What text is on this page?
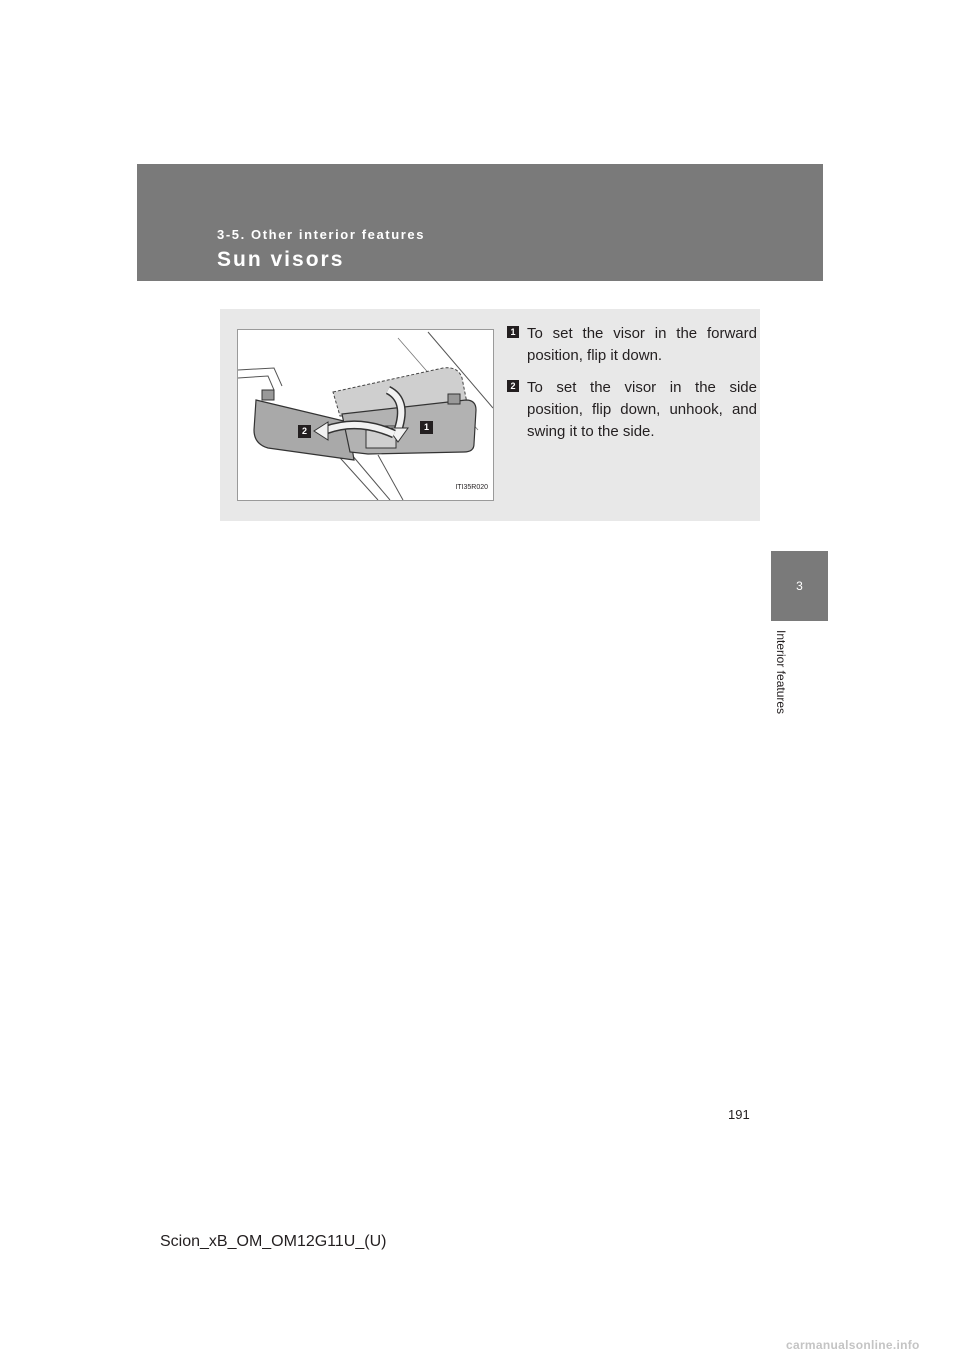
3-5. Other interior features
Sun visors
3
Interior features
1
2
ITI35R020
1 To set the visor in the forward position, flip it down.
2 To set the visor in the side position, flip down, unhook, and swing it to the side.
191
Scion_xB_OM_OM12G11U_(U)
carmanualsonline.info
